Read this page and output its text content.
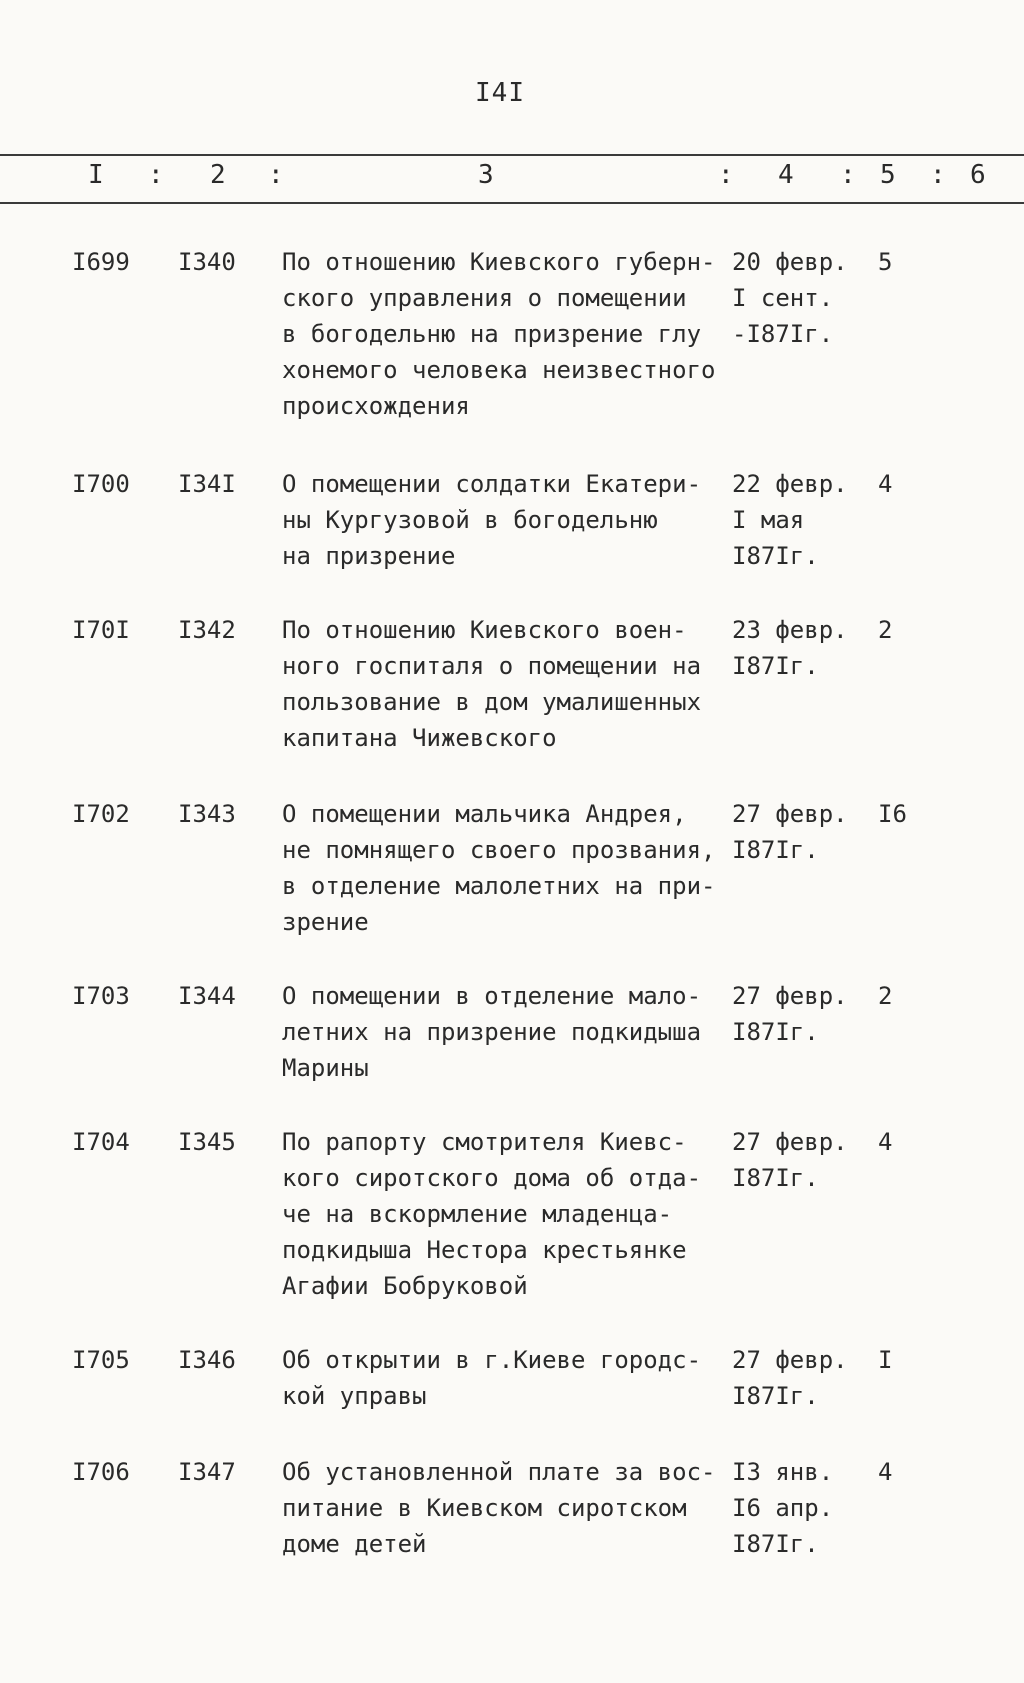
I4I
I : 2 :	3	: 4 : 5 : 6
I699 I340 По отношению Киевского губерн-
ского управления о помещении
в богодельню на призрение глу
хонемого человека неизвестного
происхождения
20 февр.
I сент.
-I87Iг.
5
I700 I34I О помещении солдатки Екатери-
ны Кургузовой в богодельню
на призрение
22 февр.
I мая
I87Iг.
4
I70I I342 По отношению Киевского воен-
ного госпиталя о помещении на
пользование в дом умалишенных
капитана Чижевского
23 февр.
I87Iг.
2
I702 I343 О помещении мальчика Андрея,
не помнящего своего прозвания,
в отделение малолетних на при-
зрение
27 февр.
I87Iг.
I6
I703 I344 О помещении в отделение мало-
летних на призрение подкидыша
Марины
27 февр.
I87Iг.
2
I704 I345 По рапорту смотрителя Киевс-
кого сиротского дома об отда-
че на вскормление младенца-
подкидыша Нестора крестьянке
Агафии Бобруковой
27 февр.
I87Iг.
4
I705 I346 Об открытии в г.Киеве городс-
кой управы
27 февр.
I87Iг.
I
I706 I347 Об установленной плате за вос-
питание в Киевском сиротском
доме детей
I3 янв.
I6 апр.
I87Iг.
4
